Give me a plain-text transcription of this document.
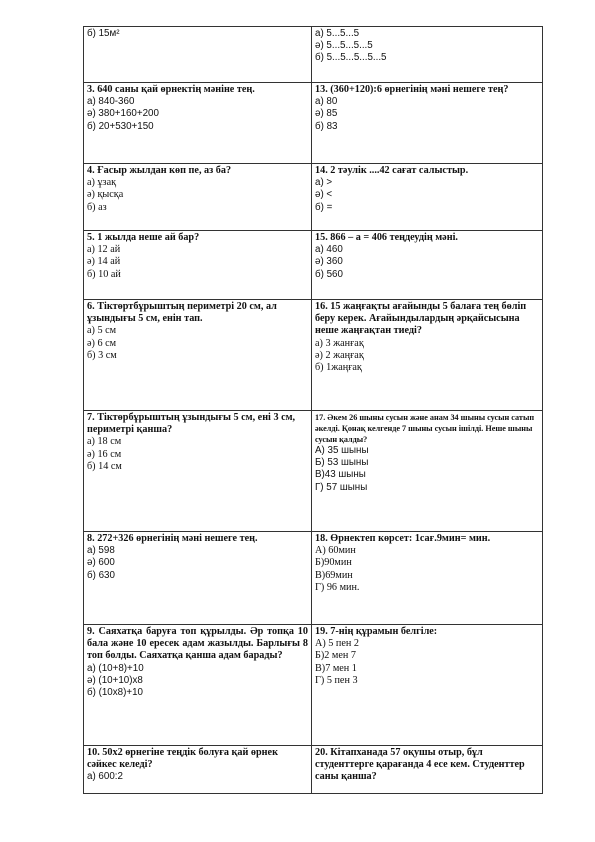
б) 15м²	а) 5...5...5
ә) 5...5...5...5
б) 5...5...5...5...5

3. 640 саны қай өрнектің мәніне тең.
а) 840-360
ә) 380+160+200
б) 20+530+150	13. (360+120):6 өрнегінің мәні нешеге тең?
а) 80
ә) 85
б) 83

4. Ғасыр жылдан көп пе, аз ба?
а) ұзақ
ә) қысқа
б) аз	14. 2 тәулік ....42 сағат салыстыр.
а) >
ә) <
б) =

5. 1 жылда неше ай бар?
а) 12 ай
ә) 14 ай
б) 10 ай	15. 866 – а = 406 теңдеудің мәні.
а) 460
ә) 360
б) 560

6. Тіктөртбұрыштың периметрі 20 см, ал ұзындығы 5 см, енін тап.
а) 5 см
ә) 6 см
б) 3 см	16. 15 жаңғақты ағайынды 5 балаға тең бөліп беру керек. Ағайындылардың әрқайсысына неше жаңғақтан тиеді?
а) 3 жанғақ
ә) 2 жаңғақ
б) 1жаңғақ

7. Тіктөрбұрыштың ұзындығы 5 см, ені 3 см, периметрі қанша?
а) 18 см
ә) 16 см
б) 14 см	17. Әкем 26 шыны сусын және анам 34 шыны сусын сатып әкелді. Қонақ келгенде 7 шыны сусын ішілді. Неше шыны сусын қалды?
А) 35 шыны
Б) 53 шыны
В)43 шыны
Г) 57 шыны

8. 272+326 өрнегінің мәні нешеге тең.
а) 598
ә) 600
б) 630	18. Өрнектеп көрсет: 1сағ.9мин= мин.
А) 60мин
Б)90мин
В)69мин
Г) 96 мин.

9. Саяхатқа баруға топ құрылды. Әр топқа 10 бала және 10 ересек адам жазылды. Барлығы 8 топ болды. Саяхатқа қанша адам барады?
а) (10+8)+10
ә) (10+10)х8
б) (10х8)+10	19. 7-нің құрамын белгіле:
А) 5 пен 2
Б)2 мен 7
В)7 мен 1
Г) 5 пен 3

10. 50х2 өрнегіне теңдік болуға қай өрнек сәйкес келеді?
а) 600:2	20. Кітапханада 57 оқушы отыр, бұл студенттерге қарағанда 4 есе кем. Студенттер саны қанша?
